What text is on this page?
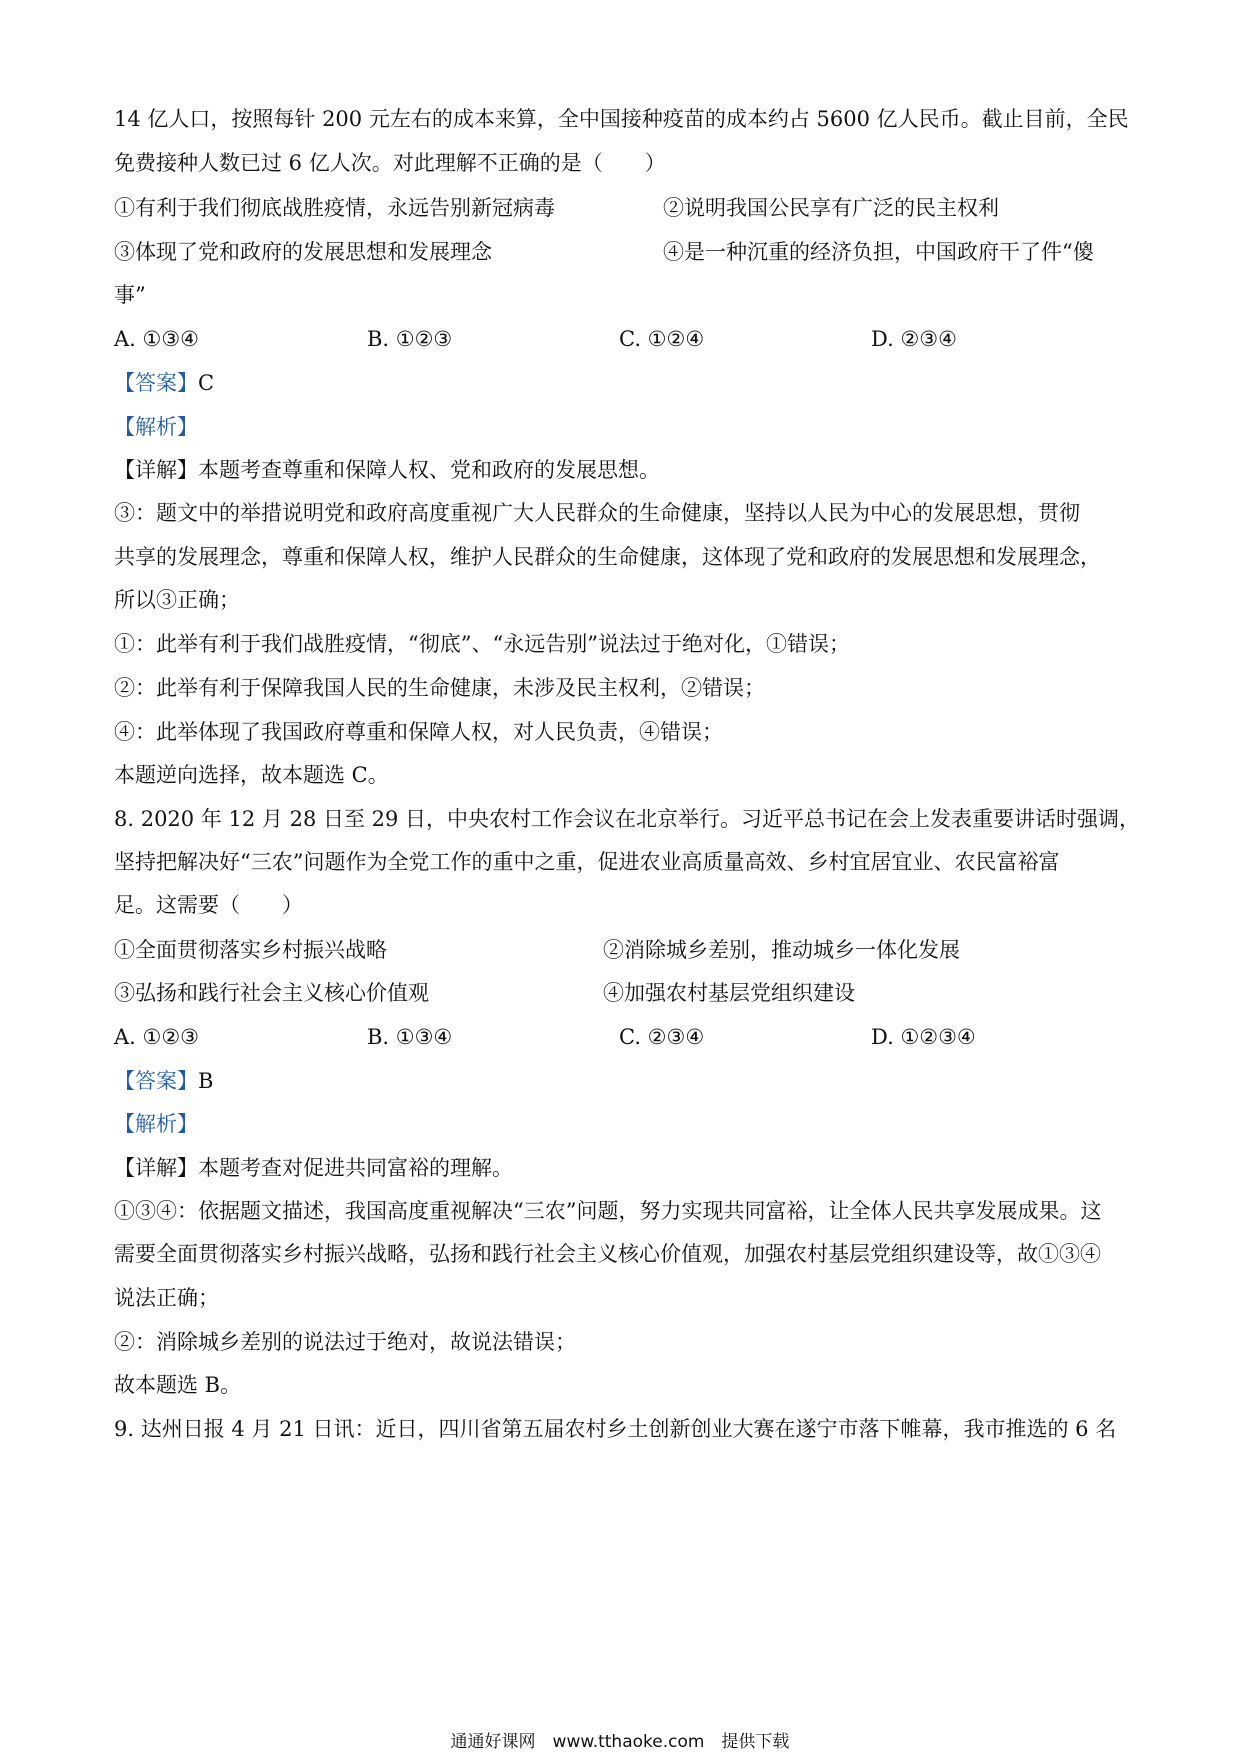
14 亿人口，按照每针 200 元左右的成本来算，全中国接种疫苗的成本约占 5600 亿人民币。截止目前，全民
免费接种人数已过 6 亿人次。对此理解不正确的是（　　）
①有利于我们彻底战胜疫情，永远告别新冠病毒	②说明我国公民享有广泛的民主权利
③体现了党和政府的发展思想和发展理念	④是一种沉重的经济负担，中国政府干了件“傻
事”
A. ①③④	B. ①②③	C. ①②④	D. ②③④
【答案】C
【解析】
【详解】本题考查尊重和保障人权、党和政府的发展思想。
③：题文中的举措说明党和政府高度重视广大人民群众的生命健康，坚持以人民为中心的发展思想，贯彻
共享的发展理念，尊重和保障人权，维护人民群众的生命健康，这体现了党和政府的发展思想和发展理念，
所以③正确；
①：此举有利于我们战胜疫情，“彻底”、“永远告别”说法过于绝对化，①错误；
②：此举有利于保障我国人民的生命健康，未涉及民主权利，②错误；
④：此举体现了我国政府尊重和保障人权，对人民负责，④错误；
本题逆向选择，故本题选 C。
8. 2020 年 12 月 28 日至 29 日，中央农村工作会议在北京举行。习近平总书记在会上发表重要讲话时强调，
坚持把解决好“三农”问题作为全党工作的重中之重，促进农业高质量高效、乡村宜居宜业、农民富裕富
足。这需要（　　）
①全面贯彻落实乡村振兴战略	②消除城乡差别，推动城乡一体化发展
③弘扬和践行社会主义核心价值观	④加强农村基层党组织建设
A. ①②③	B. ①③④	C. ②③④	D. ①②③④
【答案】B
【解析】
【详解】本题考查对促进共同富裕的理解。
①③④：依据题文描述，我国高度重视解决“三农”问题，努力实现共同富裕，让全体人民共享发展成果。这
需要全面贯彻落实乡村振兴战略，弘扬和践行社会主义核心价值观，加强农村基层党组织建设等，故①③④
说法正确；
②：消除城乡差别的说法过于绝对，故说法错误；
故本题选 B。
9. 达州日报 4 月 21 日讯：近日，四川省第五届农村乡土创新创业大赛在遂宁市落下帷幕，我市推选的 6 名
通通好课网　www.tthaoke.com　提供下载
